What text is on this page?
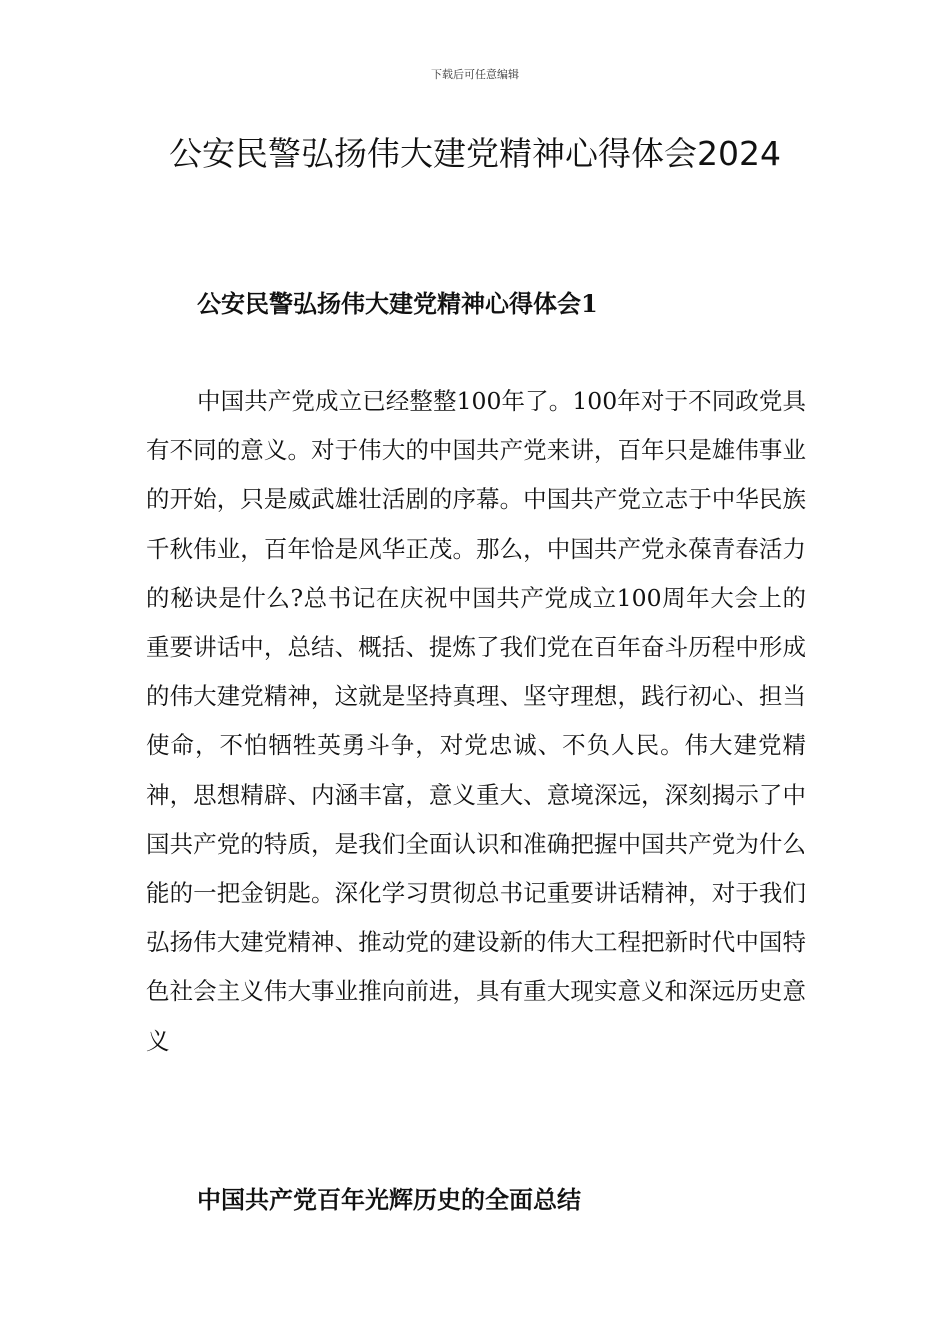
下载后可任意编辑
公安民警弘扬伟大建党精神心得体会2024
公安民警弘扬伟大建党精神心得体会1

中国共产党成立已经整整100年了。100年对于不同政党具有不同的意义。对于伟大的中国共产党来讲，百年只是雄伟事业的开始，只是威武雄壮活剧的序幕。中国共产党立志于中华民族千秋伟业，百年恰是风华正茂。那么，中国共产党永葆青春活力的秘诀是什么?总书记在庆祝中国共产党成立100周年大会上的重要讲话中，总结、概括、提炼了我们党在百年奋斗历程中形成的伟大建党精神，这就是坚持真理、坚守理想，践行初心、担当使命，不怕牺牲英勇斗争，对党忠诚、不负人民。伟大建党精神，思想精辟、内涵丰富，意义重大、意境深远，深刻揭示了中国共产党的特质，是我们全面认识和准确把握中国共产党为什么能的一把金钥匙。深化学习贯彻总书记重要讲话精神，对于我们弘扬伟大建党精神、推动党的建设新的伟大工程把新时代中国特色社会主义伟大事业推向前进，具有重大现实意义和深远历史意义

中国共产党百年光辉历史的全面总结
